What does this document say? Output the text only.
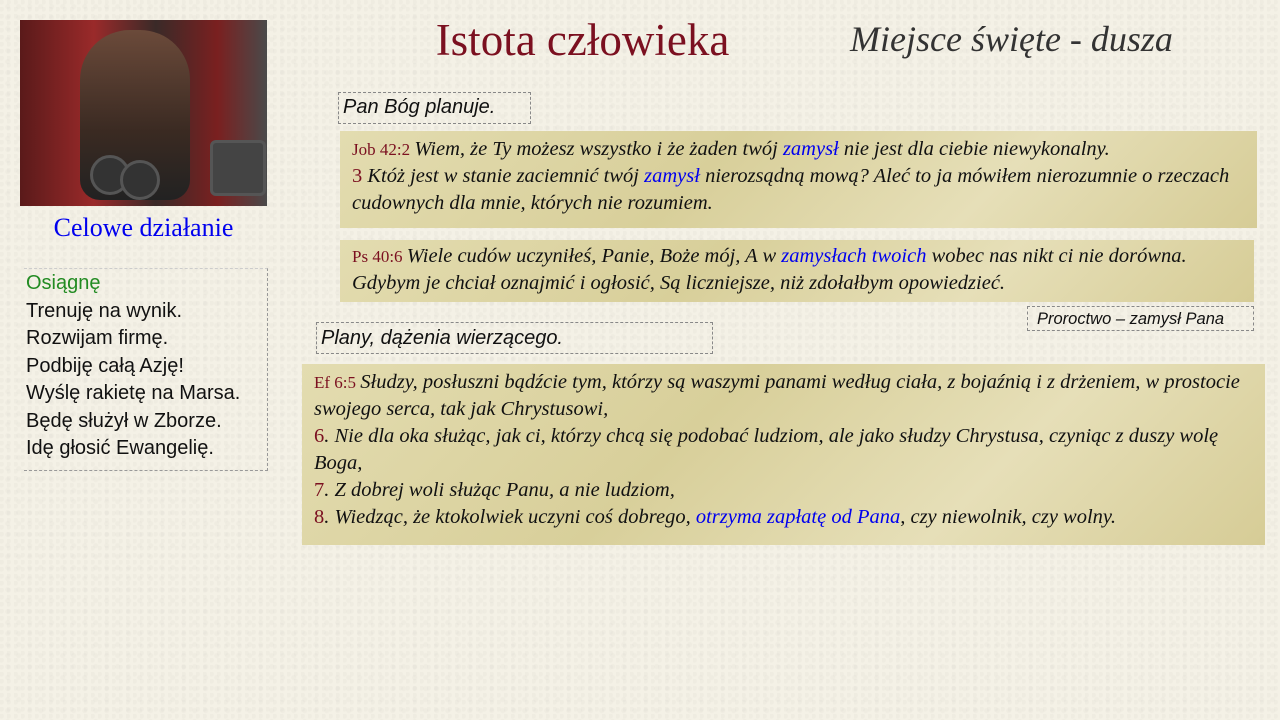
Celowe działanie
Osiągnę
Trenuję na wynik.
Rozwijam firmę.
Podbiję całą Azję!
Wyślę rakietę na Marsa.
Będę służył w Zborze.
Idę głosić Ewangelię.
Istota człowieka	Miejsce święte - dusza
Pan Bóg planuje.
Job 42:2 Wiem, że Ty możesz wszystko i że żaden twój zamysł nie jest dla ciebie niewykonalny.
3 Któż jest w stanie zaciemnić twój zamysł nierozsądną mową? Aleć to ja mówiłem nierozumnie o rzeczach cudownych dla mnie, których nie rozumiem.
Ps 40:6 Wiele cudów uczyniłeś, Panie, Boże mój, A w zamysłach twoich wobec nas nikt ci nie dorówna. Gdybym je chciał oznajmić i ogłosić, Są liczniejsze, niż zdołałbym opowiedzieć.
Proroctwo – zamysł Pana
Plany, dążenia wierzącego.
Ef 6:5 Słudzy, posłuszni bądźcie tym, którzy są waszymi panami według ciała, z bojaźnią i z drżeniem, w prostocie swojego serca, tak jak Chrystusowi,
6. Nie dla oka służąc, jak ci, którzy chcą się podobać ludziom, ale jako słudzy Chrystusa, czyniąc z duszy wolę Boga,
7. Z dobrej woli służąc Panu, a nie ludziom,
8. Wiedząc, że ktokolwiek uczyni coś dobrego, otrzyma zapłatę od Pana, czy niewolnik, czy wolny.
